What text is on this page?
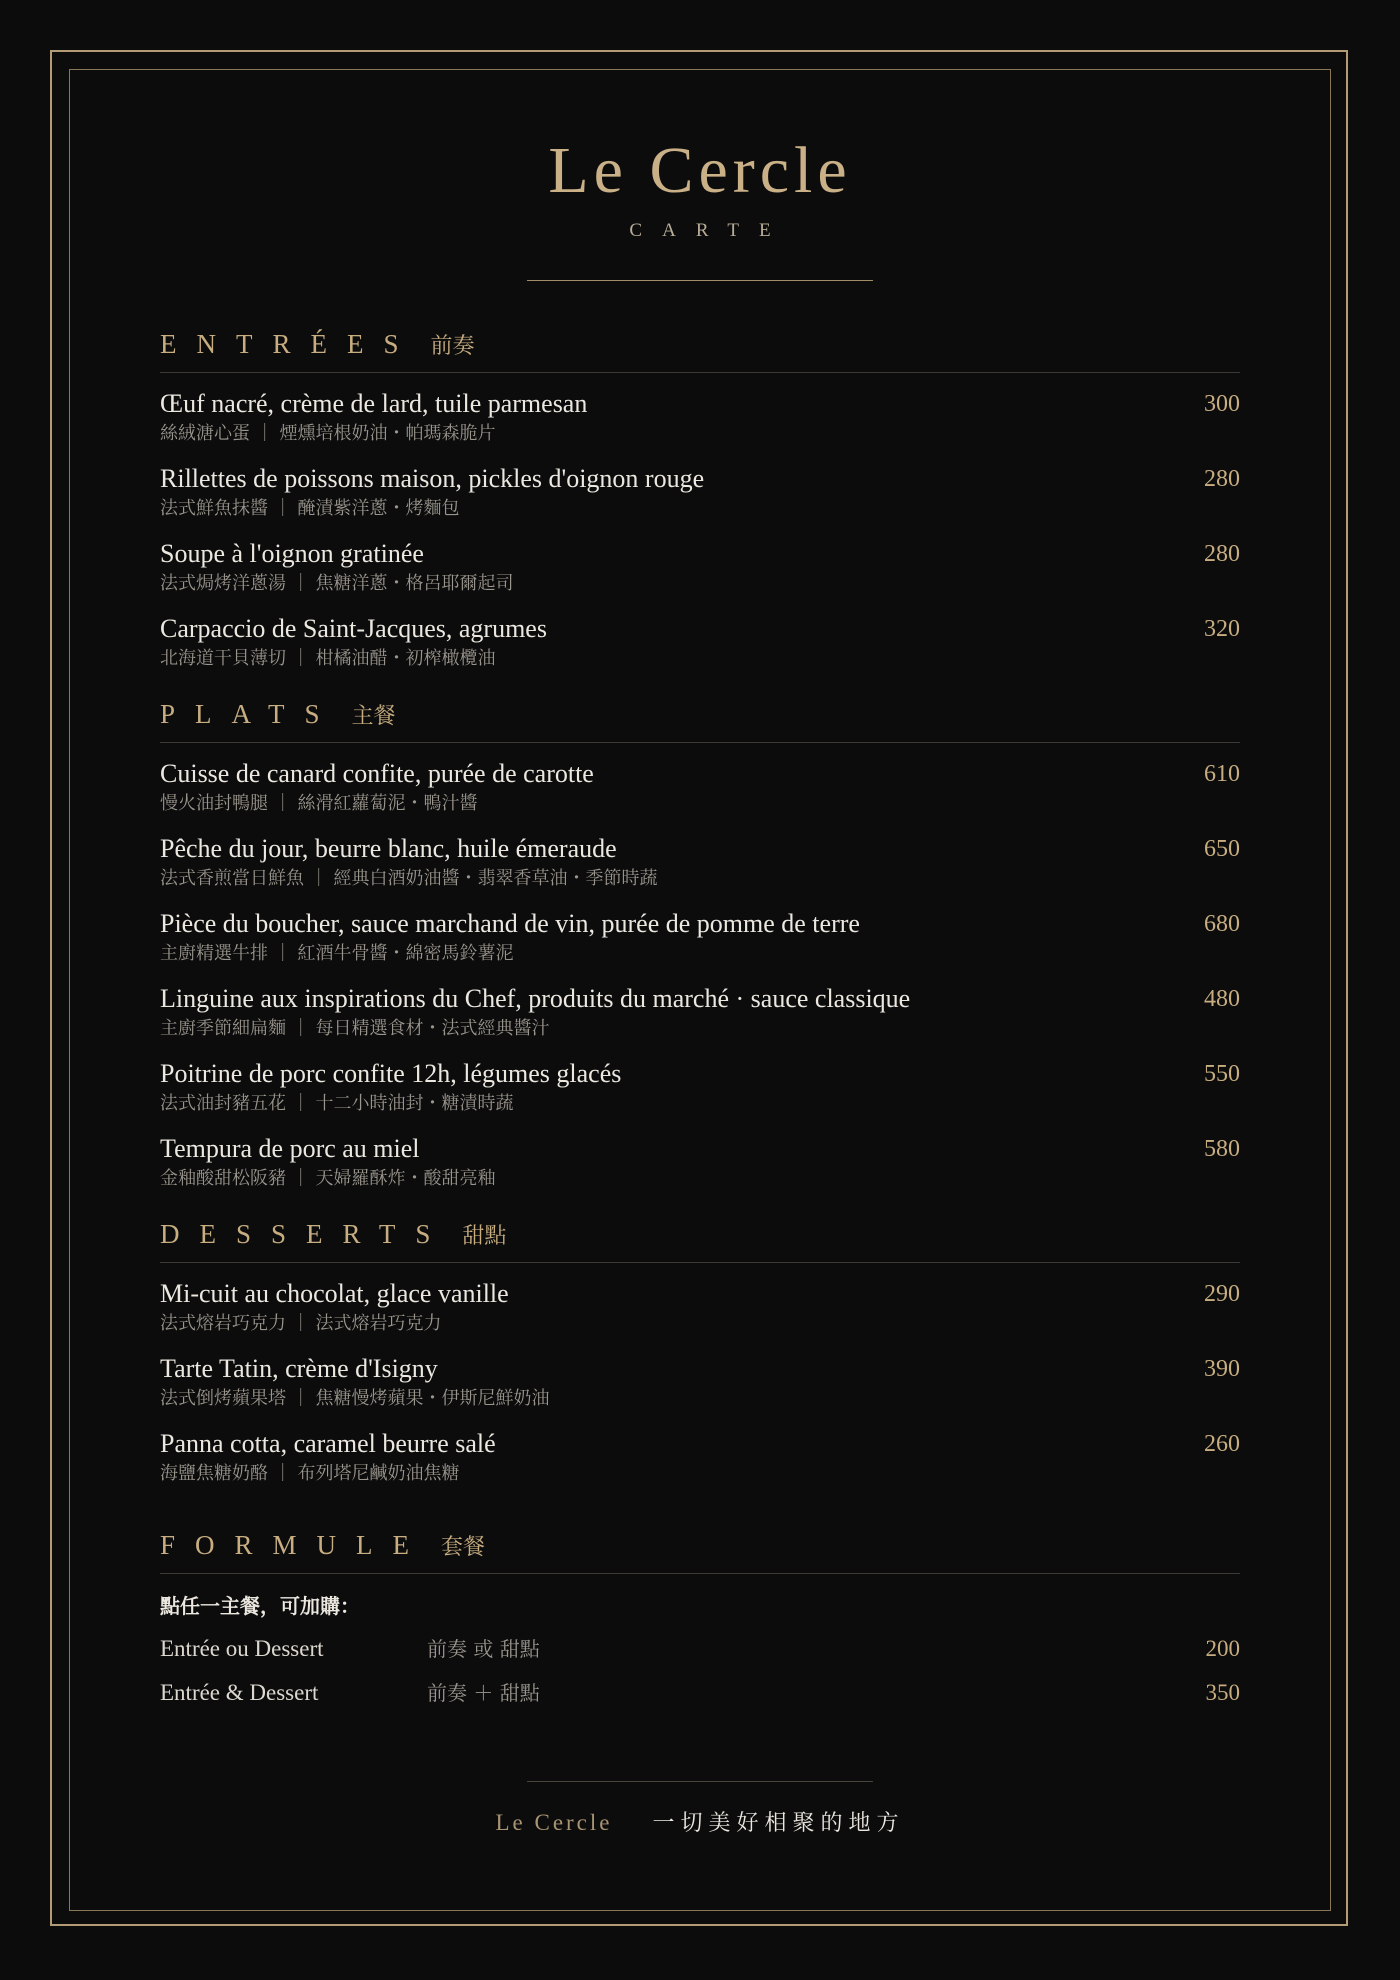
Le Cercle
CARTE
ENTRÉES 前奏
Œuf nacré, crème de lard, tuile parmesan
絲絨溏心蛋 ｜ 煙燻培根奶油・帕瑪森脆片
300
Rillettes de poissons maison, pickles d'oignon rouge
法式鮮魚抹醬 ｜ 醃漬紫洋蔥・烤麵包
280
Soupe à l'oignon gratinée
法式焗烤洋蔥湯 ｜ 焦糖洋蔥・格呂耶爾起司
280
Carpaccio de Saint-Jacques, agrumes
北海道干貝薄切 ｜ 柑橘油醋・初榨橄欖油
320
PLATS 主餐
Cuisse de canard confite, purée de carotte
慢火油封鴨腿 ｜ 絲滑紅蘿蔔泥・鴨汁醬
610
Pêche du jour, beurre blanc, huile émeraude
法式香煎當日鮮魚 ｜ 經典白酒奶油醬・翡翠香草油・季節時蔬
650
Pièce du boucher, sauce marchand de vin, purée de pomme de terre
主廚精選牛排 ｜ 紅酒牛骨醬・綿密馬鈴薯泥
680
Linguine aux inspirations du Chef, produits du marché · sauce classique
主廚季節細扁麵 ｜ 每日精選食材・法式經典醬汁
480
Poitrine de porc confite 12h, légumes glacés
法式油封豬五花 ｜ 十二小時油封・糖漬時蔬
550
Tempura de porc au miel
金釉酸甜松阪豬 ｜ 天婦羅酥炸・酸甜亮釉
580
DESSERTS 甜點
Mi-cuit au chocolat, glace vanille
法式熔岩巧克力 ｜ 法式熔岩巧克力
290
Tarte Tatin, crème d'Isigny
法式倒烤蘋果塔 ｜ 焦糖慢烤蘋果・伊斯尼鮮奶油
390
Panna cotta, caramel beurre salé
海鹽焦糖奶酪 ｜ 布列塔尼鹹奶油焦糖
260
FORMULE 套餐
點任一主餐，可加購：
Entrée ou Dessert	前奏 或 甜點	200
Entrée & Dessert	前奏 ＋ 甜點	350
Le Cercle 一切美好相聚的地方
